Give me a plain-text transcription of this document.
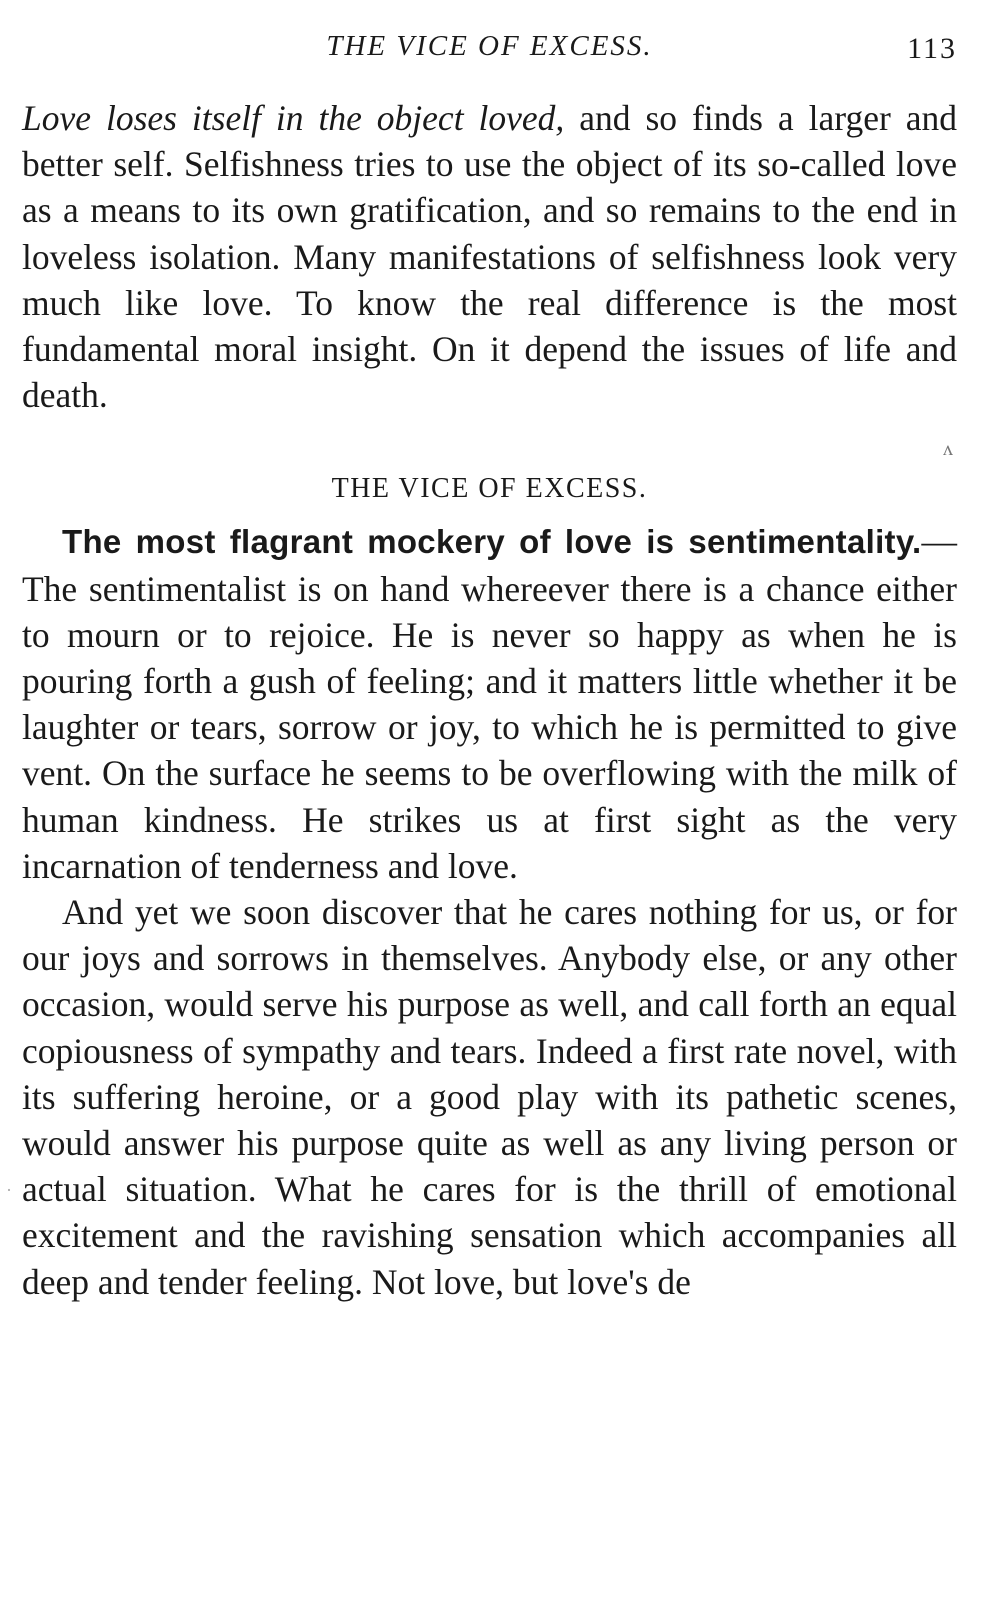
THE VICE OF EXCESS.	113

Love loses itself in the object loved, and so finds a larger and better self. Selfishness tries to use the object of its so-called love as a means to its own gratification, and so remains to the end in loveless isolation. Many manifestations of selfishness look very much like love. To know the real difference is the most fundamental moral insight. On it depend the issues of life and death.

THE VICE OF EXCESS.

The most flagrant mockery of love is sentimentality.—The sentimentalist is on hand whereever there is a chance either to mourn or to rejoice. He is never so happy as when he is pouring forth a gush of feeling; and it matters little whether it be laughter or tears, sorrow or joy, to which he is permitted to give vent. On the surface he seems to be overflowing with the milk of human kindness. He strikes us at first sight as the very incarnation of tenderness and love.

And yet we soon discover that he cares nothing for us, or for our joys and sorrows in themselves. Anybody else, or any other occasion, would serve his purpose as well, and call forth an equal copiousness of sympathy and tears. Indeed a first rate novel, with its suffering heroine, or a good play with its pathetic scenes, would answer his purpose quite as well as any living person or actual situation. What he cares for is the thrill of emotional excitement and the ravishing sensation which accompanies all deep and tender feeling. Not love, but love's de

ʌ
·
